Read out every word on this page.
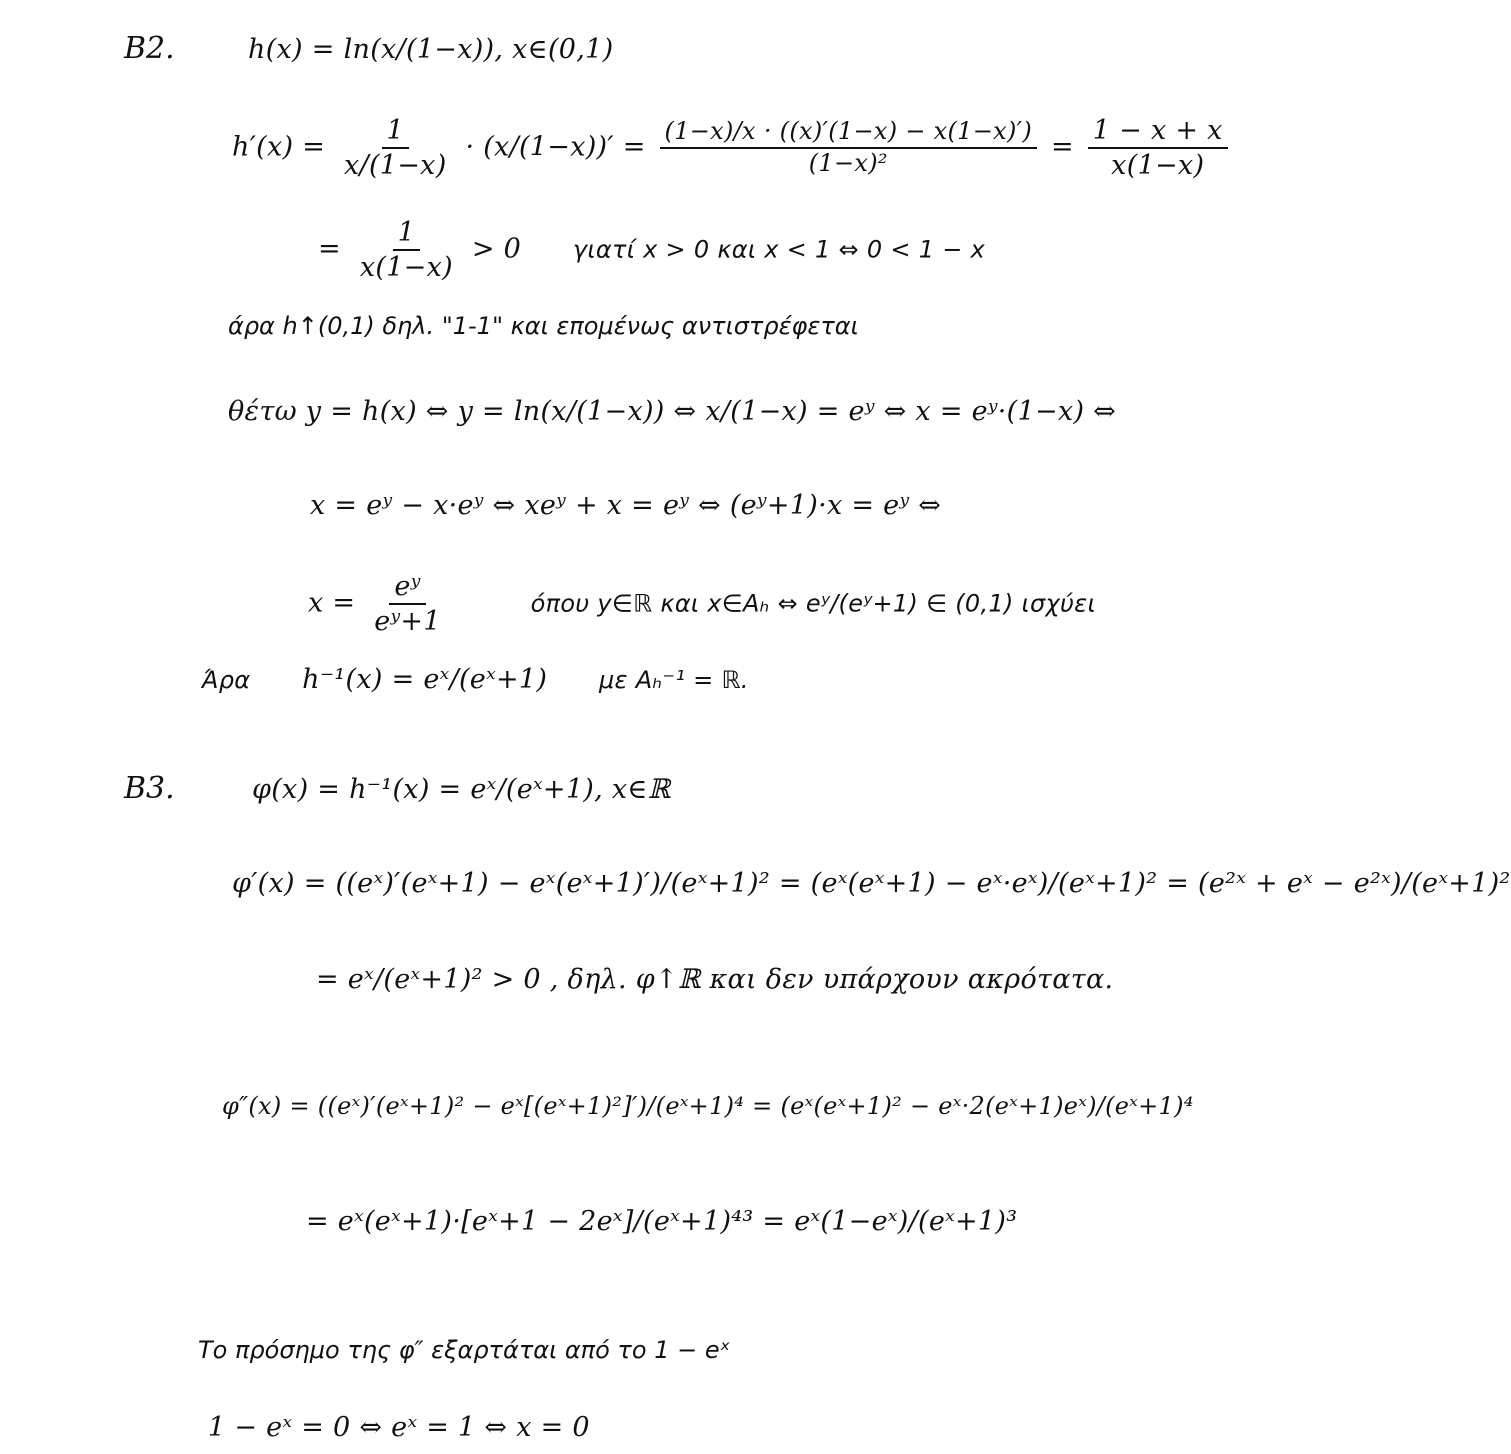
B2.	h(x) = ln(x/(1−x)), x∈(0,1)
$h'(x) = \frac{1}{x/(1-x)} \cdot (x/(1-x))' = \frac{(1-x)/x \cdot ((x)'(1-x) - x(1-x)')}{\text{(1−x)²}} = \frac{1 - x + x}{x(1-x)}$
= $\frac{1}{x(1-x)} > 0$ γιατί x > 0 και x < 1 ⇔ 0 < 1 − x
άρα h↑(0,1) δηλ. "1-1" και επομένως αντιστρέφεται
θέτω y = h(x) ⇔ y = ln(x/(1−x)) ⇔ x/(1−x) = eʸ ⇔ x = eʸ·(1−x) ⇔
x = eʸ − x·eʸ ⇔ xeʸ + x = eʸ ⇔ (eʸ+1)·x = eʸ ⇔
$x = \frac{\text{eʸ}}{\text{eʸ+1}}$	όπου y∈ℝ και x∈Aₕ ⇔ eʸ/(eʸ+1) ∈ (0,1) ισχύει
Άρα h⁻¹(x) = eˣ/(eˣ+1) με Aₕ⁻¹ = ℝ.
B3.	φ(x) = h⁻¹(x) = eˣ/(eˣ+1), x∈ℝ
φ′(x) = ((eˣ)′(eˣ+1) − eˣ(eˣ+1)′)/(eˣ+1)² = (eˣ(eˣ+1) − eˣ·eˣ)/(eˣ+1)² = (e²ˣ + eˣ − e²ˣ)/(eˣ+1)²
= eˣ/(eˣ+1)² > 0 , δηλ. φ↑ℝ και δεν υπάρχουν ακρότατα.
φ″(x) = ((eˣ)′(eˣ+1)² − eˣ[(eˣ+1)²]′)/(eˣ+1)⁴ = (eˣ(eˣ+1)² − eˣ·2(eˣ+1)eˣ)/(eˣ+1)⁴
= eˣ(eˣ+1)·[eˣ+1 − 2eˣ]/(eˣ+1)⁴³ = eˣ(1−eˣ)/(eˣ+1)³
Το πρόσημο της φ″ εξαρτάται από το 1 − eˣ
1 − eˣ = 0 ⇔ eˣ = 1 ⇔ x = 0
